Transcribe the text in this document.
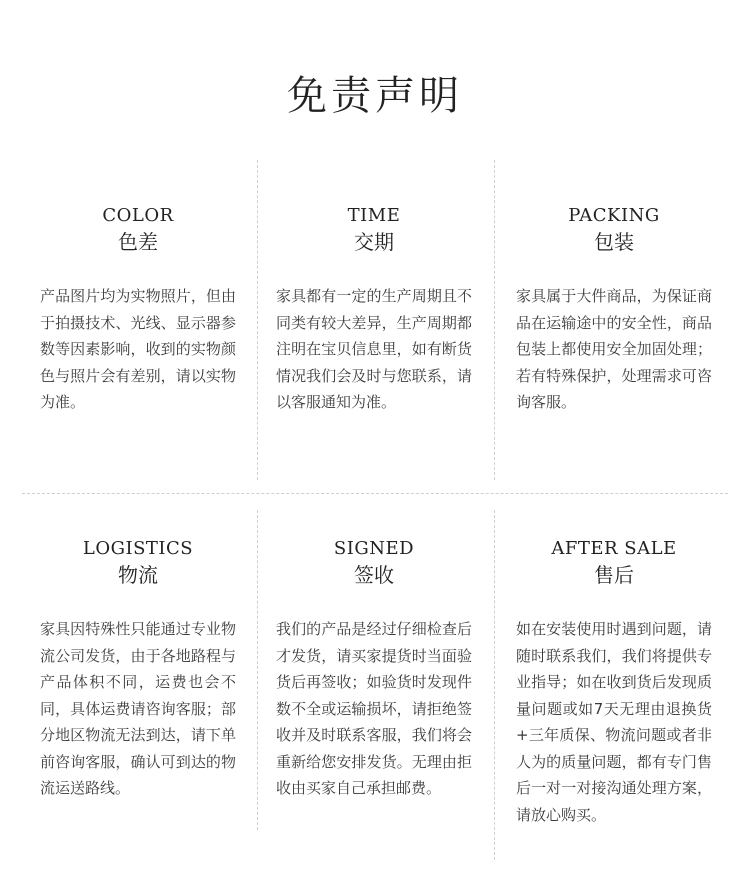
免责声明
COLOR
色差
产品图片均为实物照片，但由于拍摄技术、光线、显示器参数等因素影响，收到的实物颜色与照片会有差别，请以实物为准。
TIME
交期
家具都有一定的生产周期且不同类有较大差异，生产周期都注明在宝贝信息里，如有断货情况我们会及时与您联系，请以客服通知为准。
PACKING
包装
家具属于大件商品，为保证商品在运输途中的安全性，商品包装上都使用安全加固处理；若有特殊保护，处理需求可咨询客服。
LOGISTICS
物流
家具因特殊性只能通过专业物流公司发货，由于各地路程与产品体积不同，运费也会不同，具体运费请咨询客服；部分地区物流无法到达，请下单前咨询客服，确认可到达的物流运送路线。
SIGNED
签收
我们的产品是经过仔细检查后才发货，请买家提货时当面验货后再签收；如验货时发现件数不全或运输损坏，请拒绝签收并及时联系客服，我们将会重新给您安排发货。无理由拒收由买家自己承担邮费。
AFTER SALE
售后
如在安装使用时遇到问题，请随时联系我们，我们将提供专业指导；如在收到货后发现质量问题或如7天无理由退换货+三年质保、物流问题或者非人为的质量问题，都有专门售后一对一对接沟通处理方案，请放心购买。
